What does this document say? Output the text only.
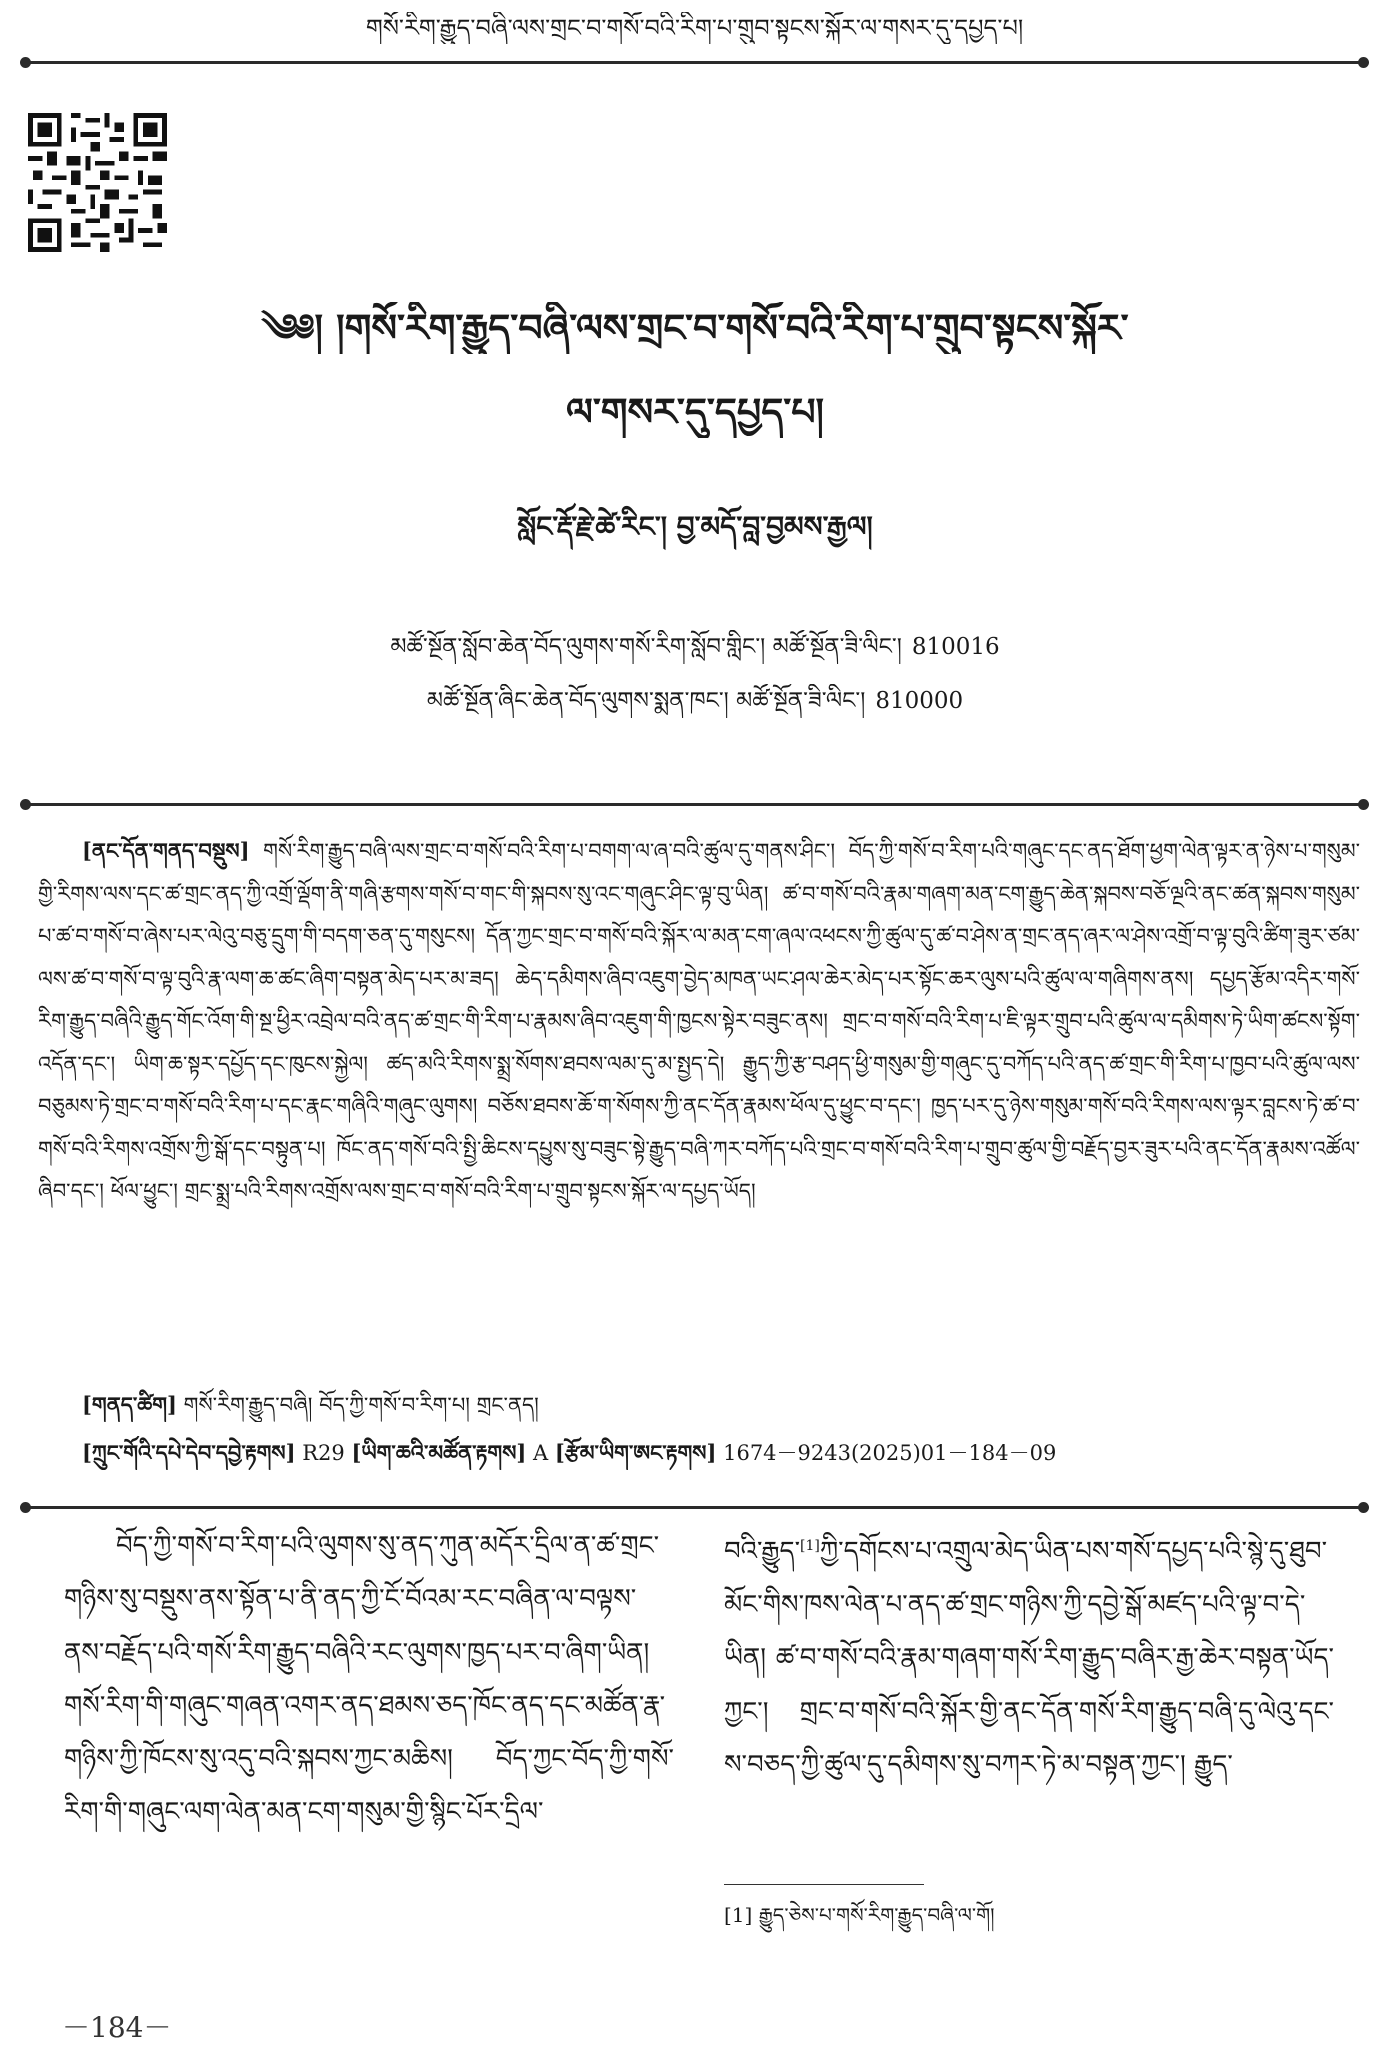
གསོ་རིག་རྒྱུད་བཞི་ལས་གྲང་བ་གསོ་བའི་རིག་པ་གྲུབ་སྟངས་སྐོར་ལ་གསར་དུ་དཔྱད་པ།
༄༅། །གསོ་རིག་རྒྱུད་བཞི་ལས་གྲང་བ་གསོ་བའི་རིག་པ་གྲུབ་སྟངས་སྐོར་
ལ་གསར་དུ་དཔྱད་པ།
སློང་རྡོ་རྗེ་ཚེ་རིང་། བྱ་མདོ་བླ་བྱམས་རྒྱལ།
མཚོ་སྔོན་སློབ་ཆེན་བོད་ལུགས་གསོ་རིག་སློབ་གླིང་། མཚོ་སྔོན་ཟི་ལིང་། 810016
མཚོ་སྔོན་ཞིང་ཆེན་བོད་ལུགས་སྨན་ཁང་། མཚོ་སྔོན་ཟི་ལིང་། 810000
[ནང་དོན་གནད་བསྡུས] གསོ་རིག་རྒྱུད་བཞི་ལས་གྲང་བ་གསོ་བའི་རིག་པ་བགག་ལ་ཞ་བའི་ཚུལ་དུ་གནས་ཤིང་། བོད་ཀྱི་གསོ་བ་རིག་པའི་གཞུང་དང་ནད་ཐོག་ཕྱག་ལེན་ལྟར་ན་ཉེས་པ་གསུམ་གྱི་རིགས་ལས་དང་ཚ་གྲང་ནད་ཀྱི་འགྲོ་ལྡོག་ནི་གཞི་རྩགས་གསོ་བ་གང་གི་སྐབས་སུ་འང་གཞུང་ཤིང་ལྟ་བུ་ཡིན། ཚ་བ་གསོ་བའི་རྣམ་གཞག་མན་ངག་རྒྱུད་ཆེན་སྐབས་བཅོ་ལྔའི་ནང་ཚན་སྐབས་གསུམ་པ་ཚ་བ་གསོ་བ་ཞེས་པར་ལེའུ་བཅུ་དྲུག་གི་བདག་ཅན་དུ་གསུངས། དོན་ཀྱང་གྲང་བ་གསོ་བའི་སྐོར་ལ་མན་ངག་ཞལ་འཕངས་ཀྱི་ཚུལ་དུ་ཚ་བ་ཤེས་ན་གྲང་ནད་ཞར་ལ་ཤེས་འགྲོ་བ་ལྟ་བུའི་ཚིག་ཟུར་ཙམ་ལས་ཚ་བ་གསོ་བ་ལྟ་བུའི་རྣ་ལག་ཆ་ཚང་ཞིག་བསྟན་མེད་པར་མ་ཟད། ཆེད་དམིགས་ཞིབ་འཇུག་བྱེད་མཁན་ཡང་ཤལ་ཆེར་མེད་པར་སྟོང་ཆར་ལུས་པའི་ཚུལ་ལ་གཞིགས་ནས། དཔྱད་རྩོམ་འདིར་གསོ་རིག་རྒྱུད་བཞིའི་རྒྱུད་གོང་འོག་གི་སྔ་ཕྱིར་འབྲེལ་བའི་ནད་ཚ་གྲང་གི་རིག་པ་རྣམས་ཞིབ་འཇུག་གི་ཁྱངས་སྟེར་བཟུང་ནས། གྲང་བ་གསོ་བའི་རིག་པ་ཇི་ལྟར་གྲུབ་པའི་ཚུལ་ལ་དམིགས་ཏེ་ཡིག་ཚངས་སྟོག་འདོན་དང་། ཡིག་ཆ་སྟར་དཔྱོད་དང་ཁུངས་སྐྱེལ། ཚད་མའི་རིགས་སྨྲ་སོགས་ཐབས་ལམ་དུ་མ་སྤྱད་དེ། རྒྱུད་ཀྱི་རྩ་བཤད་ཕྱི་གསུམ་གྱི་གཞུང་དུ་བཀོད་པའི་ནད་ཚ་གྲང་གི་རིག་པ་ཁྱབ་པའི་ཚུལ་ལས་བཅུམས་ཏེ་གྲང་བ་གསོ་བའི་རིག་པ་དང་རྣང་གཞིའི་གཞུང་ལུགས། བཅོས་ཐབས་ཆོ་ག་སོགས་ཀྱི་ནང་དོན་རྣམས་ཕོལ་དུ་ཕྱུང་བ་དང་། ཁྱད་པར་དུ་ཉེས་གསུམ་གསོ་བའི་རིགས་ལས་ལྟར་བླངས་ཏེ་ཚ་བ་གསོ་བའི་རིགས་འགྲོས་ཀྱི་སྒོ་དང་བསྟུན་པ། ཁོང་ནད་གསོ་བའི་སྤྱི་ཆིངས་དཔྱུས་སུ་བཟུང་སྟེ་རྒྱུད་བཞི་ཀར་བཀོད་པའི་གྲང་བ་གསོ་བའི་རིག་པ་གྲུབ་ཚུལ་གྱི་བརྗོད་བྱར་ཟུར་པའི་ནང་དོན་རྣམས་འཚོལ་ཞིབ་དང་། ཕོལ་ཕྱུང་། གྲང་སྨྲ་པའི་རིགས་འགྲོས་ལས་གྲང་བ་གསོ་བའི་རིག་པ་གྲུབ་སྟངས་སྐོར་ལ་དཔྱད་ཡོད།
[གནད་ཚིག] གསོ་རིག་རྒྱུད་བཞི། བོད་ཀྱི་གསོ་བ་རིག་པ། གྲང་ནད།
[ཀྲུང་གོའི་དཔེ་དེབ་དབྱེ་རྟགས] R29 [ཡིག་ཆའི་མཚོན་རྟགས] A [རྩོམ་ཡིག་ཨང་རྟགས] 1674－9243(2025)01－184－09
བོད་ཀྱི་གསོ་བ་རིག་པའི་ལུགས་སུ་ནད་ཀུན་མདོར་དྲིལ་ན་ཚ་གྲང་གཉིས་སུ་བསྡུས་ནས་སྟོན་པ་ནི་ནད་ཀྱི་ངོ་བོའམ་རང་བཞིན་ལ་བལྟས་ནས་བརྗོད་པའི་གསོ་རིག་རྒྱུད་བཞིའི་རང་ལུགས་ཁྱད་པར་བ་ཞིག་ཡིན། གསོ་རིག་གི་གཞུང་གཞན་འགར་ནད་ཐམས་ཅད་ཁོང་ནད་དང་མཚོན་རྣ་གཉིས་ཀྱི་ཁོངས་སུ་འདུ་བའི་སྐབས་ཀྱང་མཆིས། བོད་ཀྱང་བོད་ཀྱི་གསོ་རིག་གི་གཞུང་ལག་ལེན་མན་ངག་གསུམ་གྱི་སྙིང་པོར་དྲིལ་
བའི་རྒྱུད་[1]ཀྱི་དགོངས་པ་འགྲུལ་མེད་ཡིན་པས་གསོ་དཔྱད་པའི་སྙེ་དུ་ཐུབ་མོང་གིས་ཁས་ལེན་པ་ནད་ཚ་གྲང་གཉིས་ཀྱི་དབྱེ་སྒོ་མཛད་པའི་ལྟ་བ་དེ་ཡིན། ཚ་བ་གསོ་བའི་རྣམ་གཞག་གསོ་རིག་རྒྱུད་བཞིར་རྒྱ་ཆེར་བསྟན་ཡོད་ཀྱང་། གྲང་བ་གསོ་བའི་སྐོར་གྱི་ནང་དོན་གསོ་རིག་རྒྱུད་བཞི་དུ་ལེའུ་དང་ས་བཅད་ཀྱི་ཚུལ་དུ་དམིགས་སུ་བཀར་ཏེ་མ་བསྟན་ཀྱང་། རྒྱུད་
[1] རྒྱུད་ཅེས་པ་གསོ་རིག་རྒྱུད་བཞི་ལ་གོ།
－184－
